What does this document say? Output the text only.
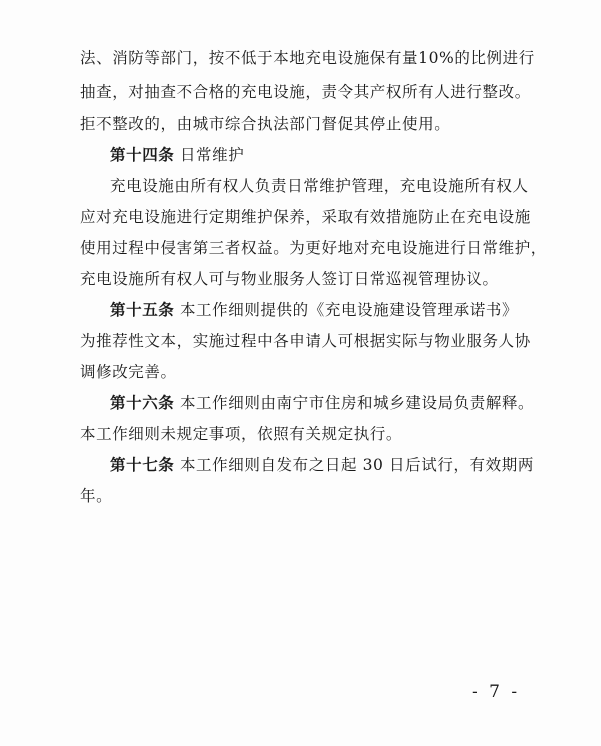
法、消防等部门，按不低于本地充电设施保有量10%的比例进行
抽查，对抽查不合格的充电设施，责令其产权所有人进行整改。
拒不整改的，由城市综合执法部门督促其停止使用。
第十四条 日常维护
充电设施由所有权人负责日常维护管理，充电设施所有权人
应对充电设施进行定期维护保养，采取有效措施防止在充电设施
使用过程中侵害第三者权益。为更好地对充电设施进行日常维护，
充电设施所有权人可与物业服务人签订日常巡视管理协议。
第十五条 本工作细则提供的《充电设施建设管理承诺书》
为推荐性文本，实施过程中各申请人可根据实际与物业服务人协
调修改完善。
第十六条 本工作细则由南宁市住房和城乡建设局负责解释。
本工作细则未规定事项，依照有关规定执行。
第十七条 本工作细则自发布之日起 30 日后试行，有效期两
年。
- 7 -
